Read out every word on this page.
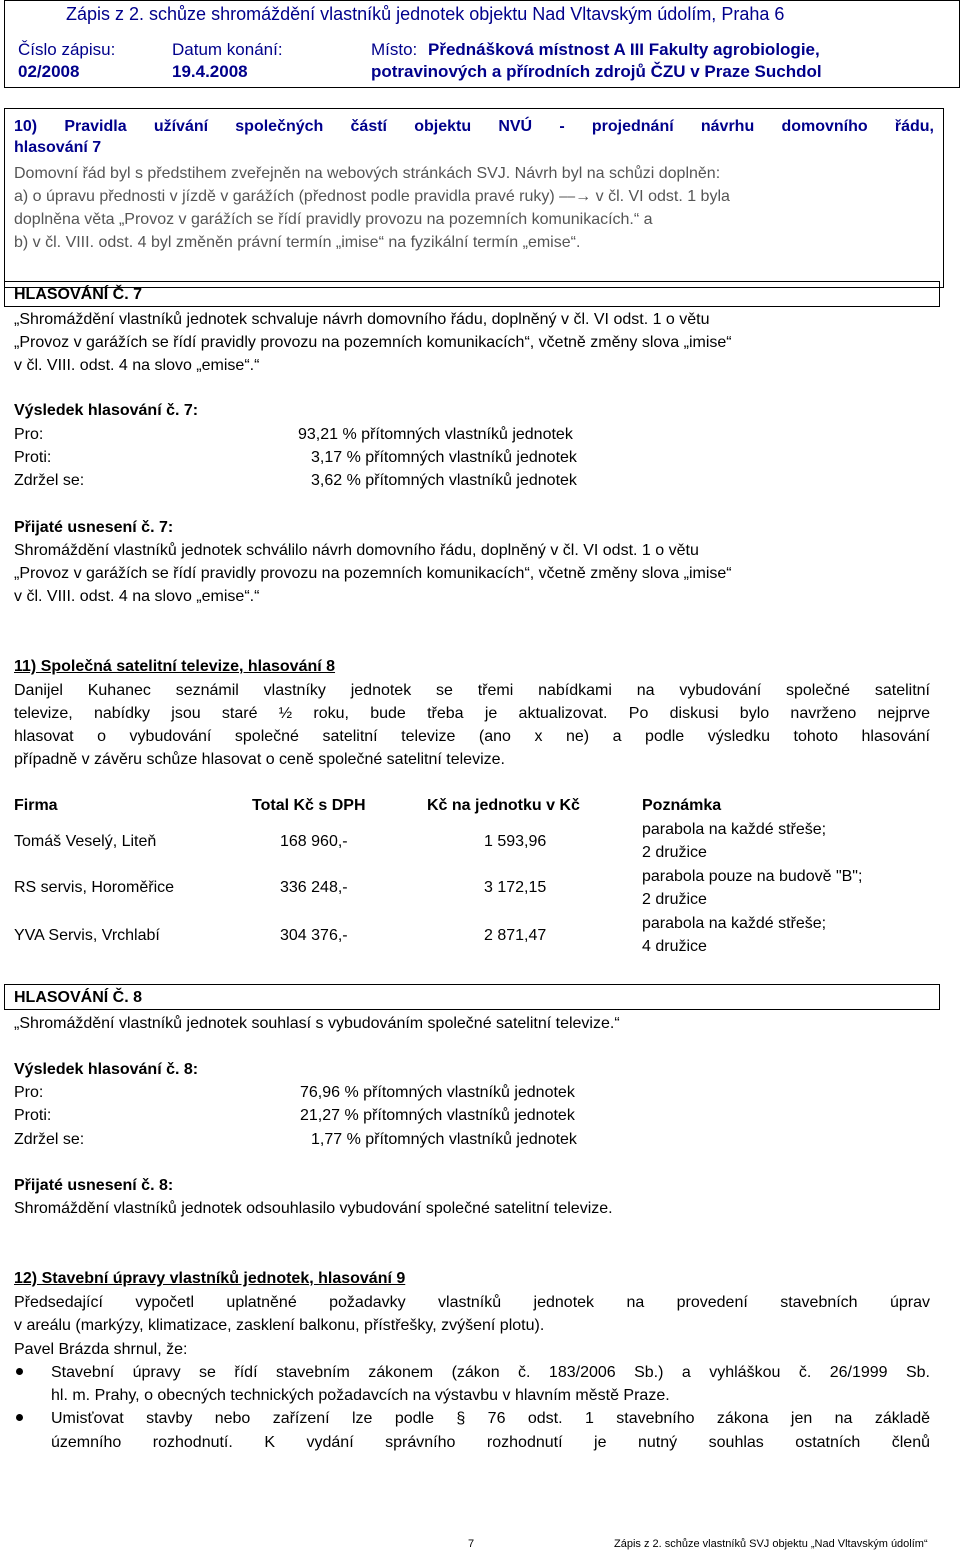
Zápis z 2. schůze shromáždění vlastníků jednotek objektu Nad Vltavským údolím, Praha 6
Číslo zápisu:
02/2008
Datum konání:
19.4.2008
Místo: Přednášková místnost A III Fakulty agrobiologie,
potravinových a přírodních zdrojů ČZU v Praze Suchdol
10) Pravidla užívání společných částí objektu NVÚ - projednání návrhu domovního řádu,
hlasování 7
Domovní řád byl s předstihem zveřejněn na webových stránkách SVJ. Návrh byl na schůzi doplněn:
a) o úpravu přednosti v jízdě v garážích (přednost podle pravidla pravé ruky) ⎯⎯→ v čl. VI odst. 1 byla
doplněna věta „Provoz v garážích se řídí pravidly provozu na pozemních komunikacích.“ a
b) v čl. VIII. odst. 4 byl změněn právní termín „imise“ na fyzikální termín „emise“.
HLASOVÁNÍ Č. 7
„Shromáždění vlastníků jednotek schvaluje návrh domovního řádu, doplněný v čl. VI odst. 1 o větu
„Provoz v garážích se řídí pravidly provozu na pozemních komunikacích“, včetně změny slova „imise“
v čl. VIII. odst. 4 na slovo „emise“.“
Výsledek hlasování č. 7:
Pro:	93,21 % přítomných vlastníků jednotek
Proti:	3,17 % přítomných vlastníků jednotek
Zdržel se:	3,62 % přítomných vlastníků jednotek
Přijaté usnesení č. 7:
Shromáždění vlastníků jednotek schválilo návrh domovního řádu, doplněný v čl. VI odst. 1 o větu
„Provoz v garážích se řídí pravidly provozu na pozemních komunikacích“, včetně změny slova „imise“
v čl. VIII. odst. 4 na slovo „emise“.“
11) Společná satelitní televize, hlasování 8
Danijel Kuhanec seznámil vlastníky jednotek se třemi nabídkami na vybudování společné satelitní
televize, nabídky jsou staré ½ roku, bude třeba je aktualizovat. Po diskusi bylo navrženo nejprve
hlasovat o vybudování společné satelitní televize (ano x ne) a podle výsledku tohoto hlasování
případně v závěru schůze hlasovat o ceně společné satelitní televize.
Firma	Total Kč s DPH	Kč na jednotku v Kč	Poznámka
Tomáš Veselý, Liteň	168 960,-	1 593,96
parabola na každé střeše;
2 družice
RS servis, Horoměřice	336 248,-	3 172,15
parabola pouze na budově "B";
2 družice
YVA Servis, Vrchlabí	304 376,-	2 871,47
parabola na každé střeše;
4 družice
HLASOVÁNÍ Č. 8
„Shromáždění vlastníků jednotek souhlasí s vybudováním společné satelitní televize.“
Výsledek hlasování č. 8:
Pro:	76,96 % přítomných vlastníků jednotek
Proti:	21,27 % přítomných vlastníků jednotek
Zdržel se:	1,77 % přítomných vlastníků jednotek
Přijaté usnesení č. 8:
Shromáždění vlastníků jednotek odsouhlasilo vybudování společné satelitní televize.
12) Stavební úpravy vlastníků jednotek, hlasování 9
Předsedající vypočetl uplatněné požadavky vlastníků jednotek na provedení stavebních úprav
v areálu (markýzy, klimatizace, zasklení balkonu, přístřešky, zvýšení plotu).
Pavel Brázda shrnul, že:
Stavební úpravy se řídí stavebním zákonem (zákon č. 183/2006 Sb.) a vyhláškou č. 26/1999 Sb.
hl. m. Prahy, o obecných technických požadavcích na výstavbu v hlavním městě Praze.
Umisťovat stavby nebo zařízení lze podle § 76 odst. 1 stavebního zákona jen na základě
územního rozhodnutí. K vydání správního rozhodnutí je nutný souhlas ostatních členů
7	Zápis z 2. schůze vlastníků SVJ objektu „Nad Vltavským údolím“
